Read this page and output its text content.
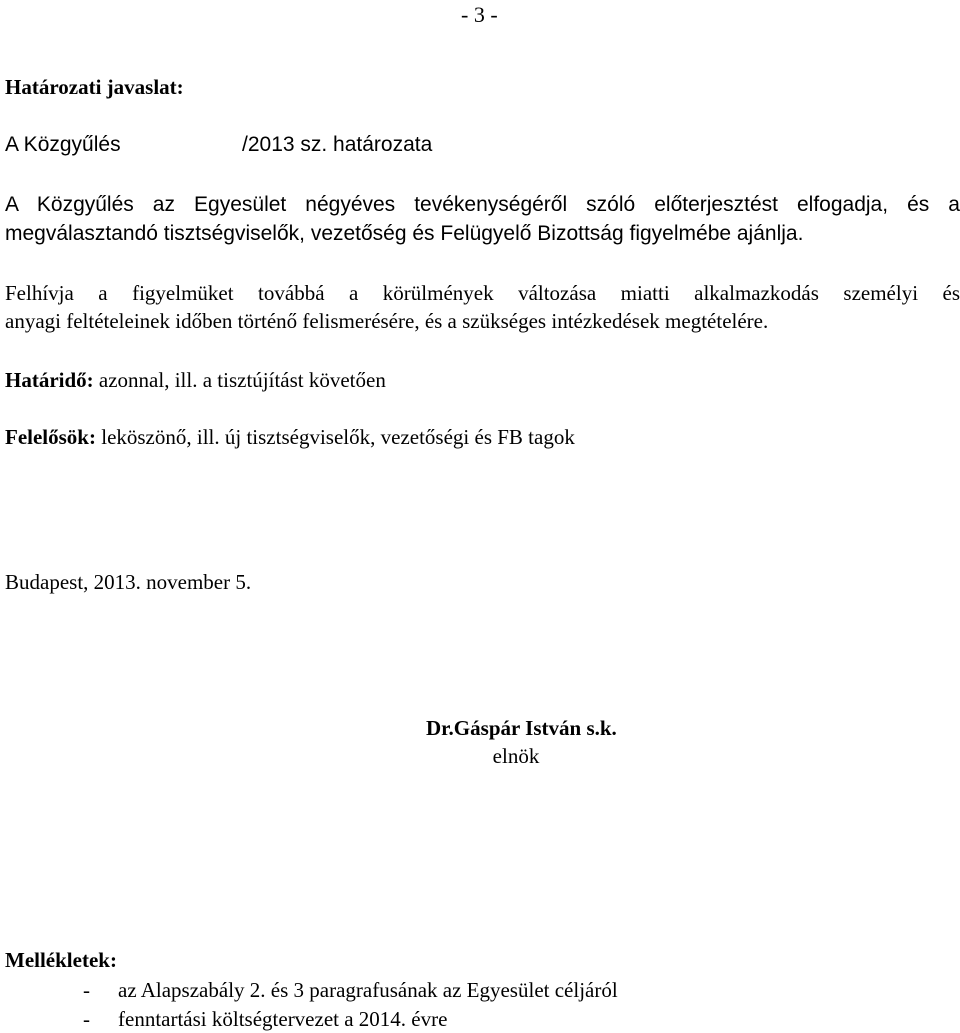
- 3 -
Határozati javaslat:
A Közgyűlés	/2013 sz. határozata
A Közgyűlés az Egyesület négyéves tevékenységéről szóló előterjesztést elfogadja, és a
megválasztandó tisztségviselők, vezetőség és Felügyelő Bizottság figyelmébe ajánlja.
Felhívja a figyelmüket továbbá a körülmények változása miatti alkalmazkodás személyi és
anyagi feltételeinek időben történő felismerésére, és a szükséges intézkedések megtételére.
Határidő: azonnal, ill. a tisztújítást követően
Felelősök: leköszönő, ill. új tisztségviselők, vezetőségi és FB tagok
Budapest, 2013. november 5.
Dr.Gáspár István s.k.
elnök
Mellékletek:
- az Alapszabály 2. és 3 paragrafusának az Egyesület céljáról
- fenntartási költségtervezet a 2014. évre
